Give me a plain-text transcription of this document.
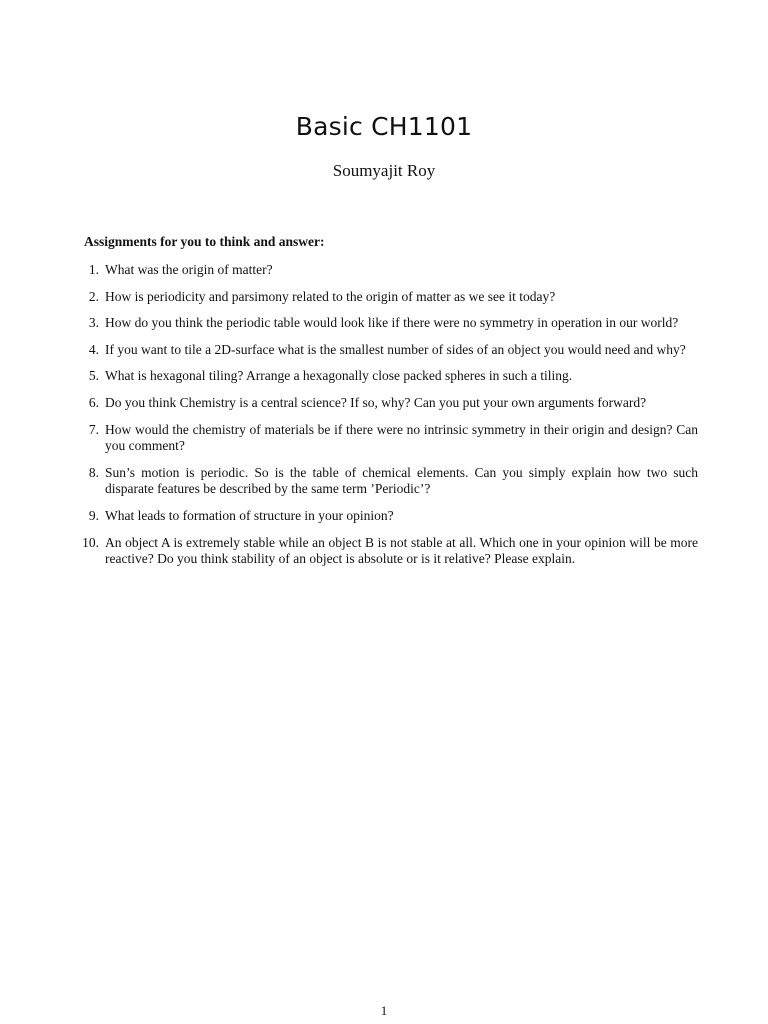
Basic CH1101
Soumyajit Roy
Assignments for you to think and answer:
1. What was the origin of matter?
2. How is periodicity and parsimony related to the origin of matter as we see it today?
3. How do you think the periodic table would look like if there were no symmetry in operation in our world?
4. If you want to tile a 2D-surface what is the smallest number of sides of an object you would need and why?
5. What is hexagonal tiling? Arrange a hexagonally close packed spheres in such a tiling.
6. Do you think Chemistry is a central science? If so, why? Can you put your own arguments forward?
7. How would the chemistry of materials be if there were no intrinsic symmetry in their origin and design? Can you comment?
8. Sun’s motion is periodic. So is the table of chemical elements. Can you simply explain how two such disparate features be described by the same term ’Periodic’?
9. What leads to formation of structure in your opinion?
10. An object A is extremely stable while an object B is not stable at all. Which one in your opinion will be more reactive? Do you think stability of an object is absolute or is it relative? Please explain.
1
